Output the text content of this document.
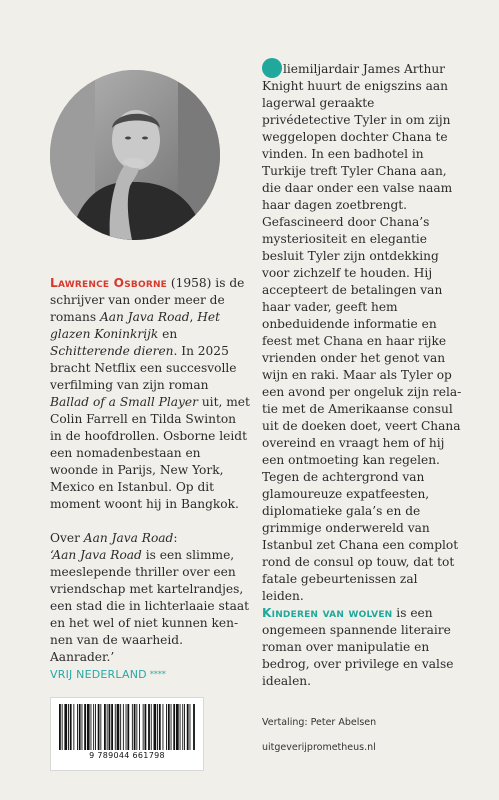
Lawrence Osborne (1958) is de schrijver van onder meer de romans Aan Java Road, Het glazen Koninkrijk en Schitterende dieren. In 2025 bracht Netflix een succesvolle verfilming van zijn roman Ballad of a Small Player uit, met Colin Farrell en Tilda Swinton in de hoofdrollen. Osborne leidt een nomadenbestaan en woonde in Parijs, New York, Mexico en Istanbul. Op dit moment woont hij in Bangkok.

Over Aan Java Road:

‘Aan Java Road is een slimme, meeslepende thriller over een vriendschap met kartelrandjes, een stad die in lichterlaaie staat en het wel of niet kunnen kennen van de waarheid. Aanrader.’

VRIJ NEDERLAND ****

liemiljardair James Arthur Knight huurt de enigszins aan lagerwal geraakte privédetective Tyler in om zijn weggelopen dochter Chana te vinden. In een badhotel in Turkije treft Tyler Chana aan, die daar onder een valse naam haar dagen zoetbrengt.

Gefascineerd door Chana’s mysteriositeit en elegantie besluit Tyler zijn ontdekking voor zichzelf te houden. Hij accepteert de betalingen van haar vader, geeft hem onbeduidende informatie en feest met Chana en haar rijke vrienden onder het genot van wijn en raki. Maar als Tyler op een avond per ongeluk zijn relatie met de Amerikaanse consul uit de doeken doet, veert Chana overeind en vraagt hem of hij een ontmoeting kan regelen.

Tegen de achtergrond van glamoureuze expatfeesten, diplomatieke gala’s en de grimmige onderwereld van Istanbul zet Chana een complot rond de consul op touw, dat tot fatale gebeurtenissen zal leiden.

Kinderen van wolven is een ongemeen spannende literaire roman over manipulatie en bedrog, over privilege en valse idealen.

Vertaling: Peter Abelsen
uitgeverijprometheus.nl
9 789044 661798
